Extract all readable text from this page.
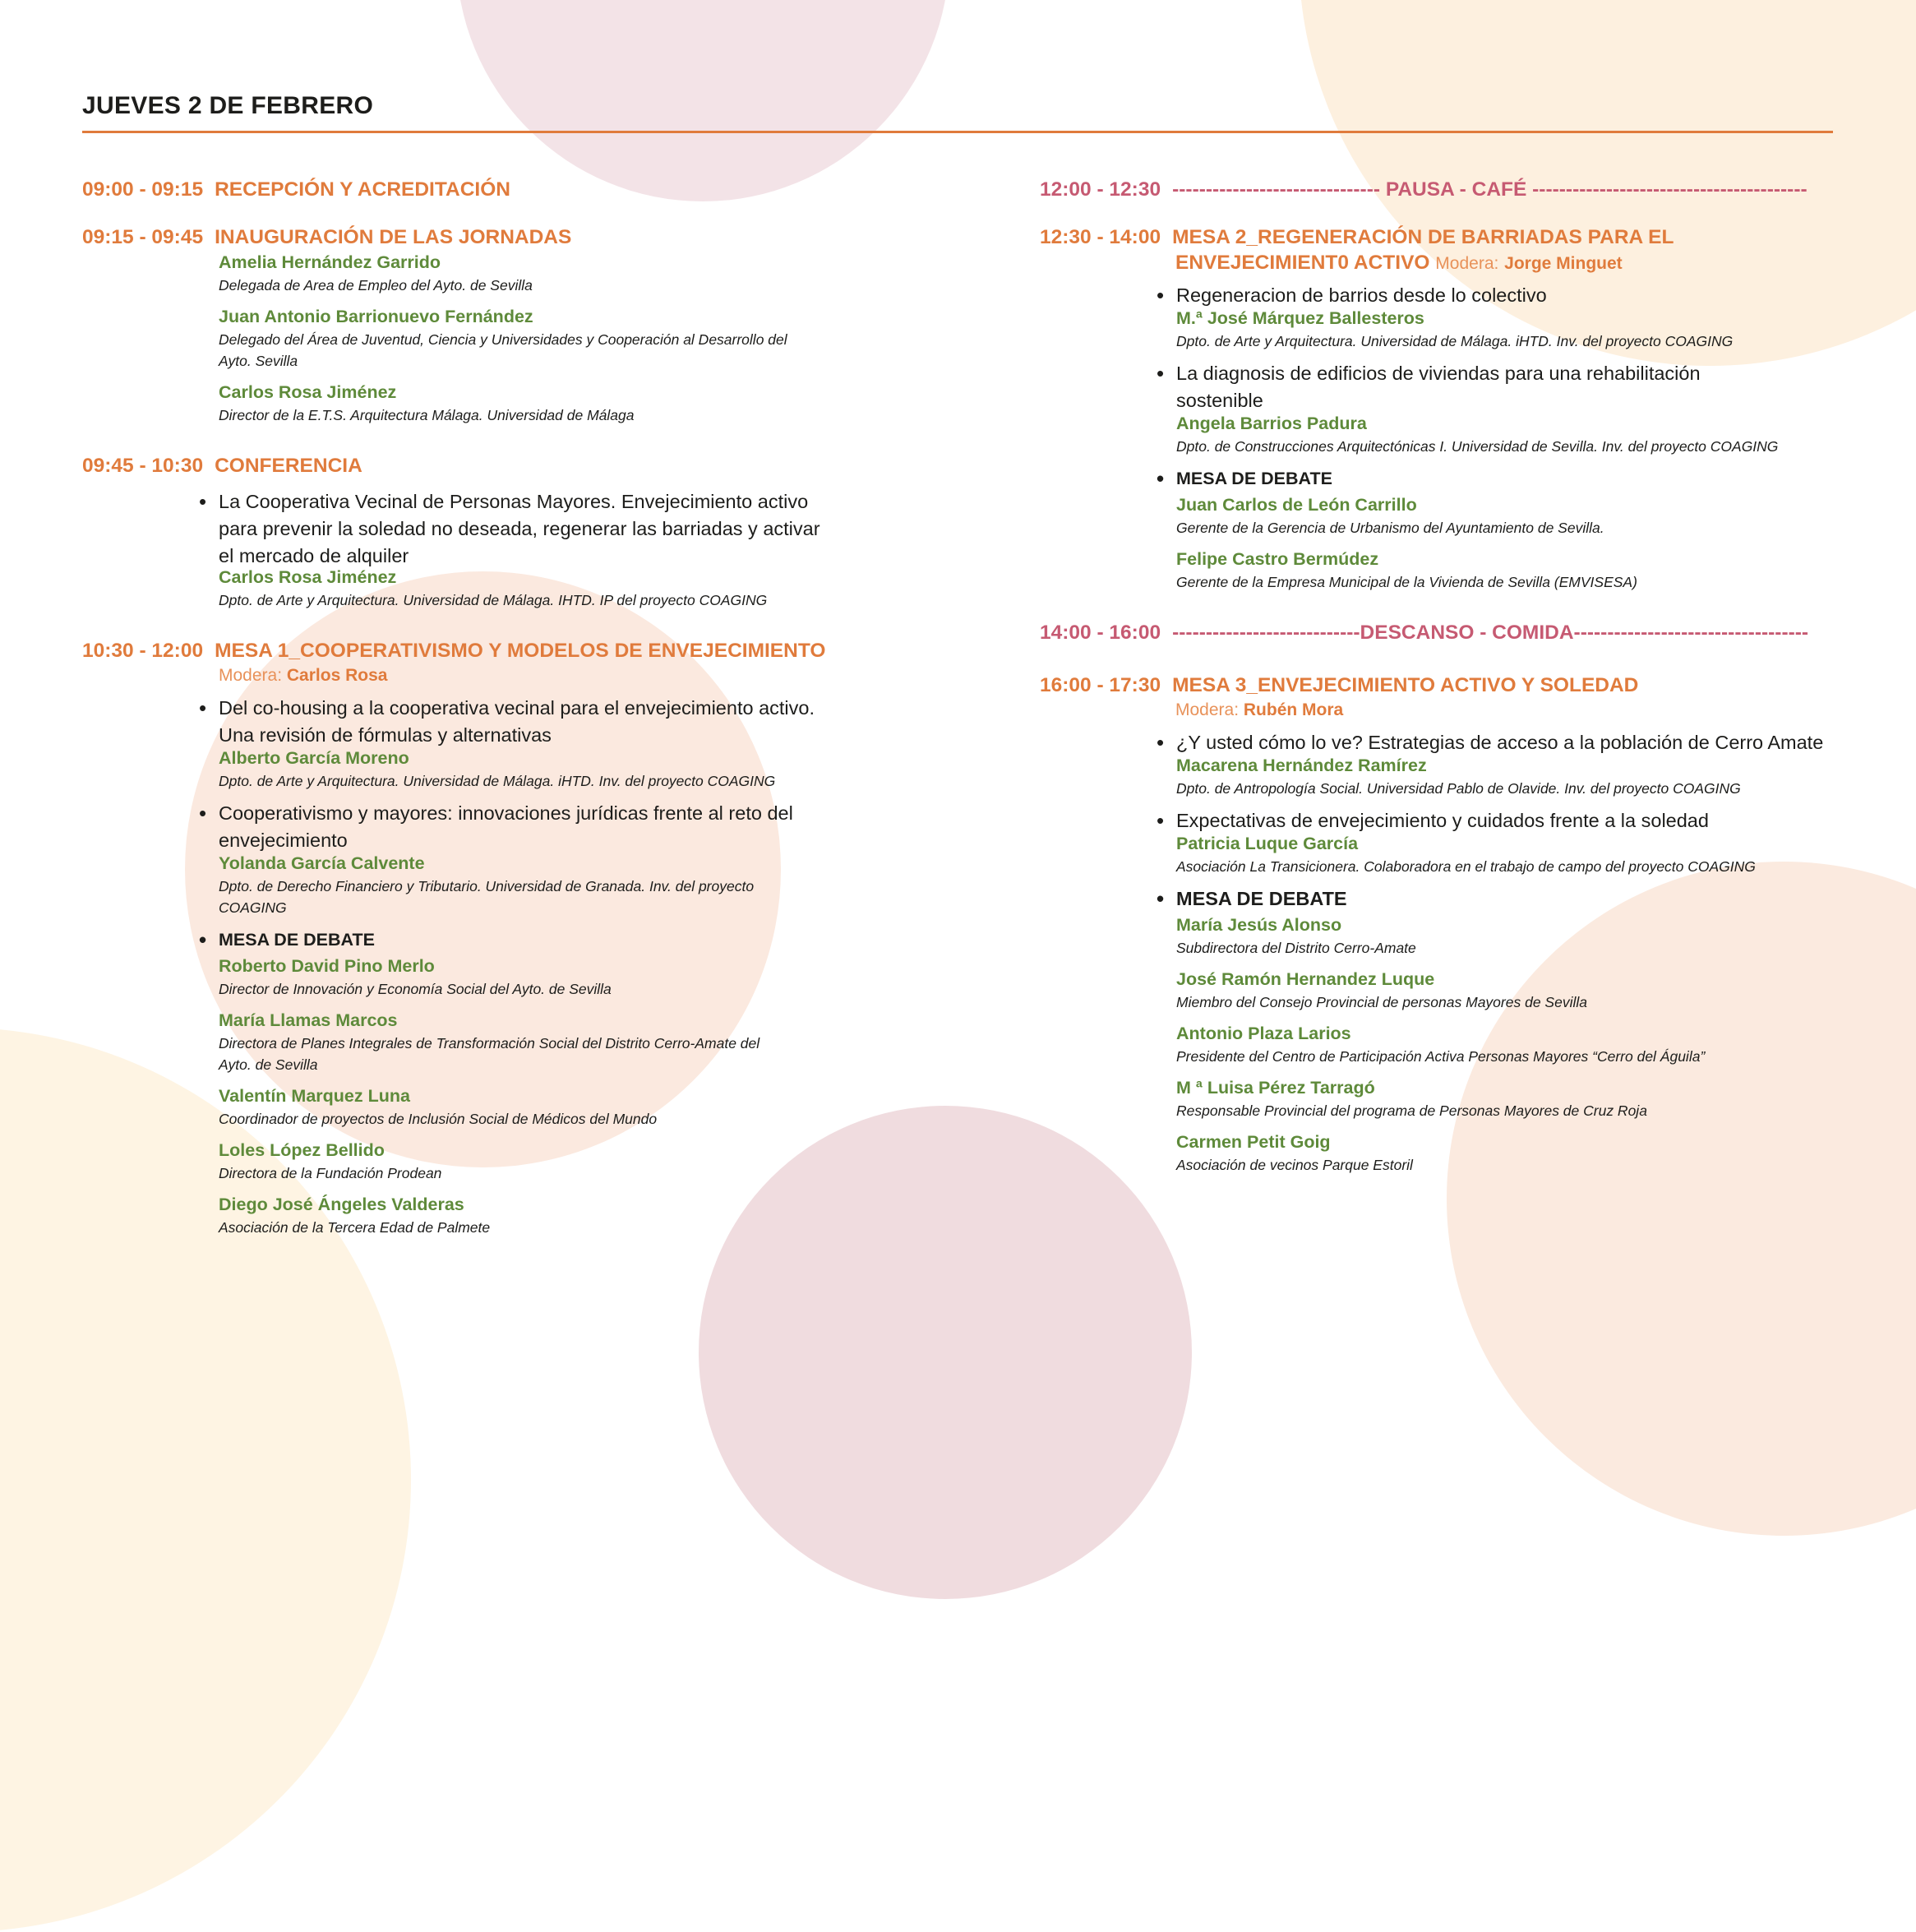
JUEVES 2 DE FEBRERO
09:00 - 09:15 RECEPCIÓN Y ACREDITACIÓN
09:15 - 09:45 INAUGURACIÓN DE LAS JORNADAS
Amelia Hernández Garrido
Delegada de Area de Empleo del Ayto. de Sevilla
Juan Antonio Barrionuevo Fernández
Delegado del Área de Juventud, Ciencia y Universidades y Cooperación al Desarrollo del
Ayto. Sevilla
Carlos Rosa Jiménez
Director de la E.T.S. Arquitectura Málaga. Universidad de Málaga
09:45 - 10:30 CONFERENCIA
• La Cooperativa Vecinal de Personas Mayores. Envejecimiento activo
para prevenir la soledad no deseada, regenerar las barriadas y activar
el mercado de alquiler
Carlos Rosa Jiménez
Dpto. de Arte y Arquitectura. Universidad de Málaga. IHTD. IP del proyecto COAGING
10:30 - 12:00 MESA 1_COOPERATIVISMO Y MODELOS DE ENVEJECIMIENTO
Modera: Carlos Rosa
• Del co-housing a la cooperativa vecinal para el envejecimiento activo.
Una revisión de fórmulas y alternativas
Alberto García Moreno
Dpto. de Arte y Arquitectura. Universidad de Málaga. iHTD. Inv. del proyecto COAGING
• Cooperativismo y mayores: innovaciones jurídicas frente al reto del
envejecimiento
Yolanda García Calvente
Dpto. de Derecho Financiero y Tributario. Universidad de Granada. Inv. del proyecto
COAGING
• MESA DE DEBATE
Roberto David Pino Merlo
Director de Innovación y Economía Social del Ayto. de Sevilla
María Llamas Marcos
Directora de Planes Integrales de Transformación Social del Distrito Cerro-Amate del
Ayto. de Sevilla
Valentín Marquez Luna
Coordinador de proyectos de Inclusión Social de Médicos del Mundo
Loles López Bellido
Directora de la Fundación Prodean
Diego José Ángeles Valderas
Asociación de la Tercera Edad de Palmete
12:00 - 12:30 ------------------------------- PAUSA - CAFÉ -----------------------------------------
12:30 - 14:00 MESA 2_REGENERACIÓN DE BARRIADAS PARA EL
ENVEJECIMIENT0 ACTIVO Modera: Jorge Minguet
• Regeneracion de barrios desde lo colectivo
M.ª José Márquez Ballesteros
Dpto. de Arte y Arquitectura. Universidad de Málaga. iHTD. Inv. del proyecto COAGING
• La diagnosis de edificios de viviendas para una rehabilitación
sostenible
Angela Barrios Padura
Dpto. de Construcciones Arquitectónicas I. Universidad de Sevilla. Inv. del proyecto COAGING
• MESA DE DEBATE
Juan Carlos de León Carrillo
Gerente de la Gerencia de Urbanismo del Ayuntamiento de Sevilla.
Felipe Castro Bermúdez
Gerente de la Empresa Municipal de la Vivienda de Sevilla (EMVISESA)
14:00 - 16:00 ----------------------------DESCANSO - COMIDA-----------------------------------
16:00 - 17:30 MESA 3_ENVEJECIMIENTO ACTIVO Y SOLEDAD
Modera: Rubén Mora
• ¿Y usted cómo lo ve? Estrategias de acceso a la población de Cerro Amate
Macarena Hernández Ramírez
Dpto. de Antropología Social. Universidad Pablo de Olavide. Inv. del proyecto COAGING
• Expectativas de envejecimiento y cuidados frente a la soledad
Patricia Luque García
Asociación La Transicionera. Colaboradora en el trabajo de campo del proyecto COAGING
• MESA DE DEBATE
María Jesús Alonso
Subdirectora del Distrito Cerro-Amate
José Ramón Hernandez Luque
Miembro del Consejo Provincial de personas Mayores de Sevilla
Antonio Plaza Larios
Presidente del Centro de Participación Activa Personas Mayores “Cerro del Águila”
M ª Luisa Pérez Tarragó
Responsable Provincial del programa de Personas Mayores de Cruz Roja
Carmen Petit Goig
Asociación de vecinos Parque Estoril
